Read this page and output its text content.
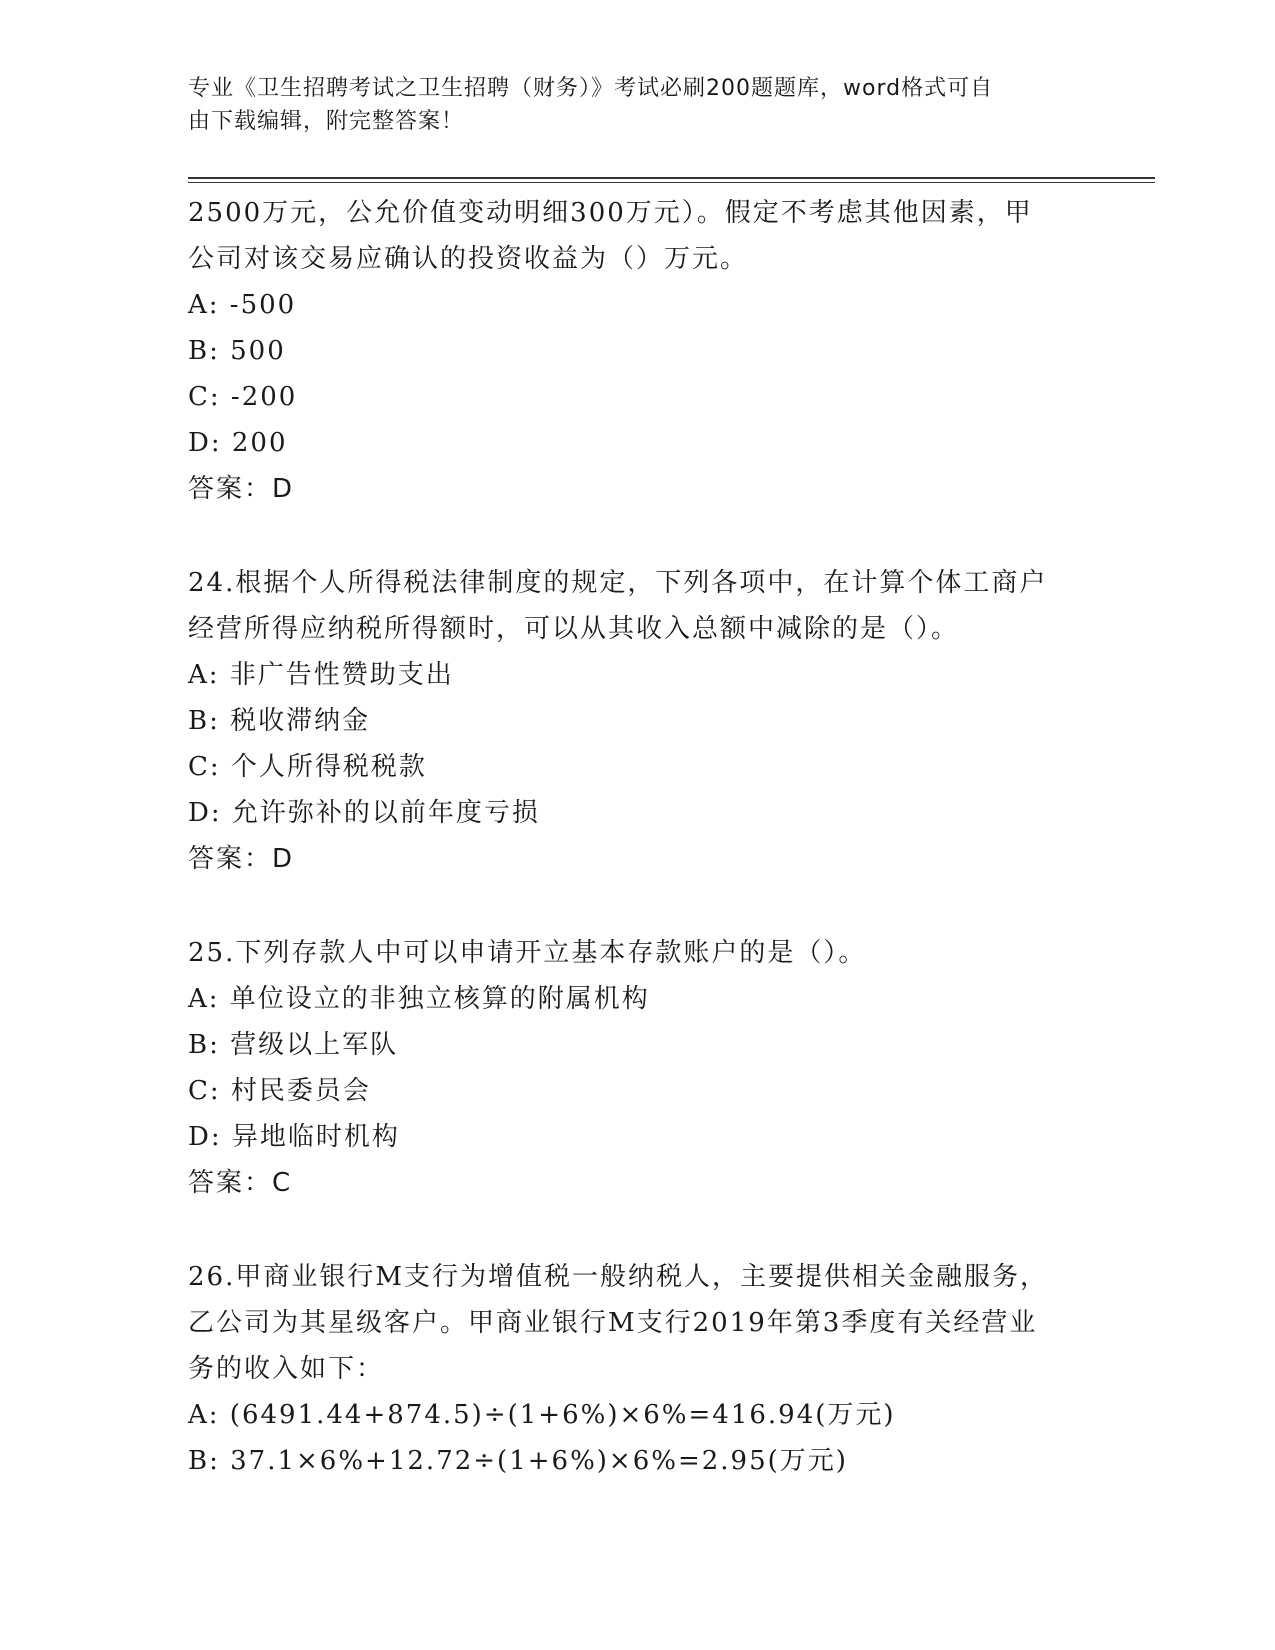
专业《卫生招聘考试之卫生招聘（财务）》考试必刷200题题库，word格式可自
由下载编辑，附完整答案！
2500万元，公允价值变动明细300万元）。假定不考虑其他因素，甲
公司对该交易应确认的投资收益为（）万元。
A: -500
B: 500
C: -200
D: 200
答案：D
24.根据个人所得税法律制度的规定，下列各项中，在计算个体工商户
经营所得应纳税所得额时，可以从其收入总额中减除的是（）。
A: 非广告性赞助支出
B: 税收滞纳金
C: 个人所得税税款
D: 允许弥补的以前年度亏损
答案：D
25.下列存款人中可以申请开立基本存款账户的是（）。
A: 单位设立的非独立核算的附属机构
B: 营级以上军队
C: 村民委员会
D: 异地临时机构
答案：C
26.甲商业银行M支行为增值税一般纳税人，主要提供相关金融服务，
乙公司为其星级客户。甲商业银行M支行2019年第3季度有关经营业
务的收入如下：
A: (6491.44+874.5)÷(1+6%)×6%=416.94(万元)
B: 37.1×6%+12.72÷(1+6%)×6%=2.95(万元)
